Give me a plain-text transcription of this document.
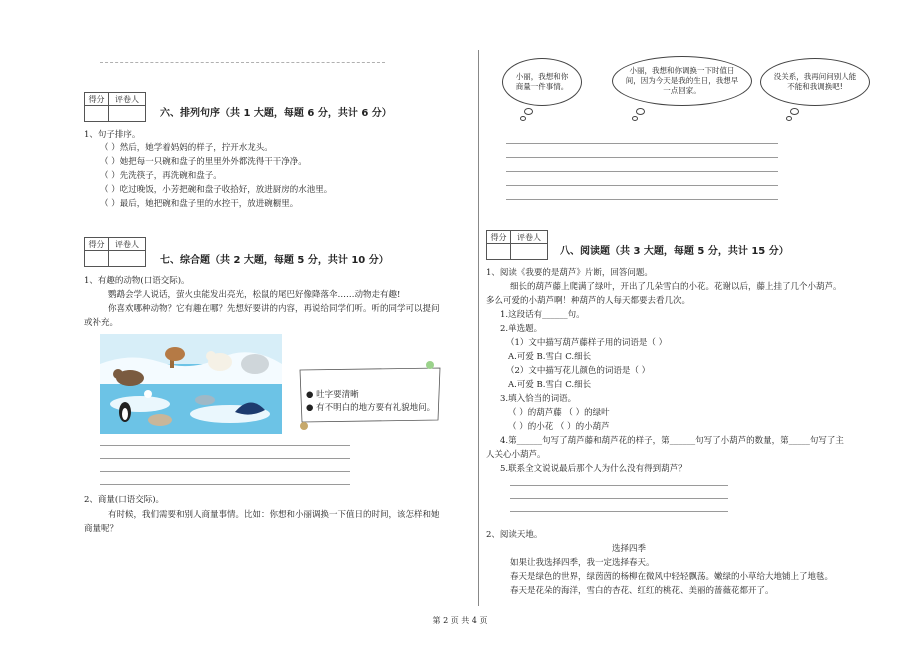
得分	评卷人
六、排列句序（共 1 大题，每题 6 分，共计 6 分）
1、句子排序。
（ ）然后，她学着妈妈的样子，拧开水龙头。
（ ）她把每一只碗和盘子的里里外外都洗得干干净净。
（ ）先洗筷子，再洗碗和盘子。
（ ）吃过晚饭，小芳把碗和盘子收拾好，放进厨房的水池里。
（ ）最后，她把碗和盘子里的水控干，放进碗橱里。
得分	评卷人
七、综合题（共 2 大题，每题 5 分，共计 10 分）
1、有趣的动物(口语交际)。
鹦鹉会学人说话，萤火虫能发出亮光，松鼠的尾巴好像降落伞……动物走有趣!
你喜欢哪种动物？它有趣在哪？先想好要讲的内容，再说给同学们听。听的同学可以提问
或补充。
● 吐字要清晰
● 有不明白的地方要有礼貌地问。
2、商量(口语交际)。
有时候，我们需要和别人商量事情。比如：你想和小丽调换一下值日的时间，该怎样和她
商量呢？
小丽，我想和你商量一件事情。
小丽，我想和你调换一下时值日间，因为今天是我的生日，我想早一点回家。
没关系，我再问问别人能不能和我调换吧!
得分	评卷人
八、阅读题（共 3 大题，每题 5 分，共计 15 分）
1、阅读《我要的是葫芦》片断，回答问题。
细长的葫芦藤上爬满了绿叶，开出了几朵雪白的小花。花谢以后，藤上挂了几个小葫芦。
多么可爱的小葫芦啊！种葫芦的人每天都要去看几次。
1.这段话有______句。
2.单选题。
（1）文中描写葫芦藤样子用的词语是（ ）
A.可爱 B.雪白 C.细长
（2）文中描写花儿颜色的词语是（ ）
A.可爱 B.雪白 C.细长
3.填入恰当的词语。
（ ）的葫芦藤 （ ）的绿叶
（ ）的小花 （ ）的小葫芦
4.第______句写了葫芦藤和葫芦花的样子，第______句写了小葫芦的数量，第_____句写了主
人关心小葫芦。
5.联系全文说说最后那个人为什么没有得到葫芦？
2、阅读天地。
选择四季
如果让我选择四季，我一定选择春天。
春天是绿色的世界，绿茵茵的杨柳在微风中轻轻飘荡。嫩绿的小草给大地铺上了地毯。
春天是花朵的海洋，雪白的杏花、红红的桃花、美丽的蔷薇花都开了。
第 2 页 共 4 页
